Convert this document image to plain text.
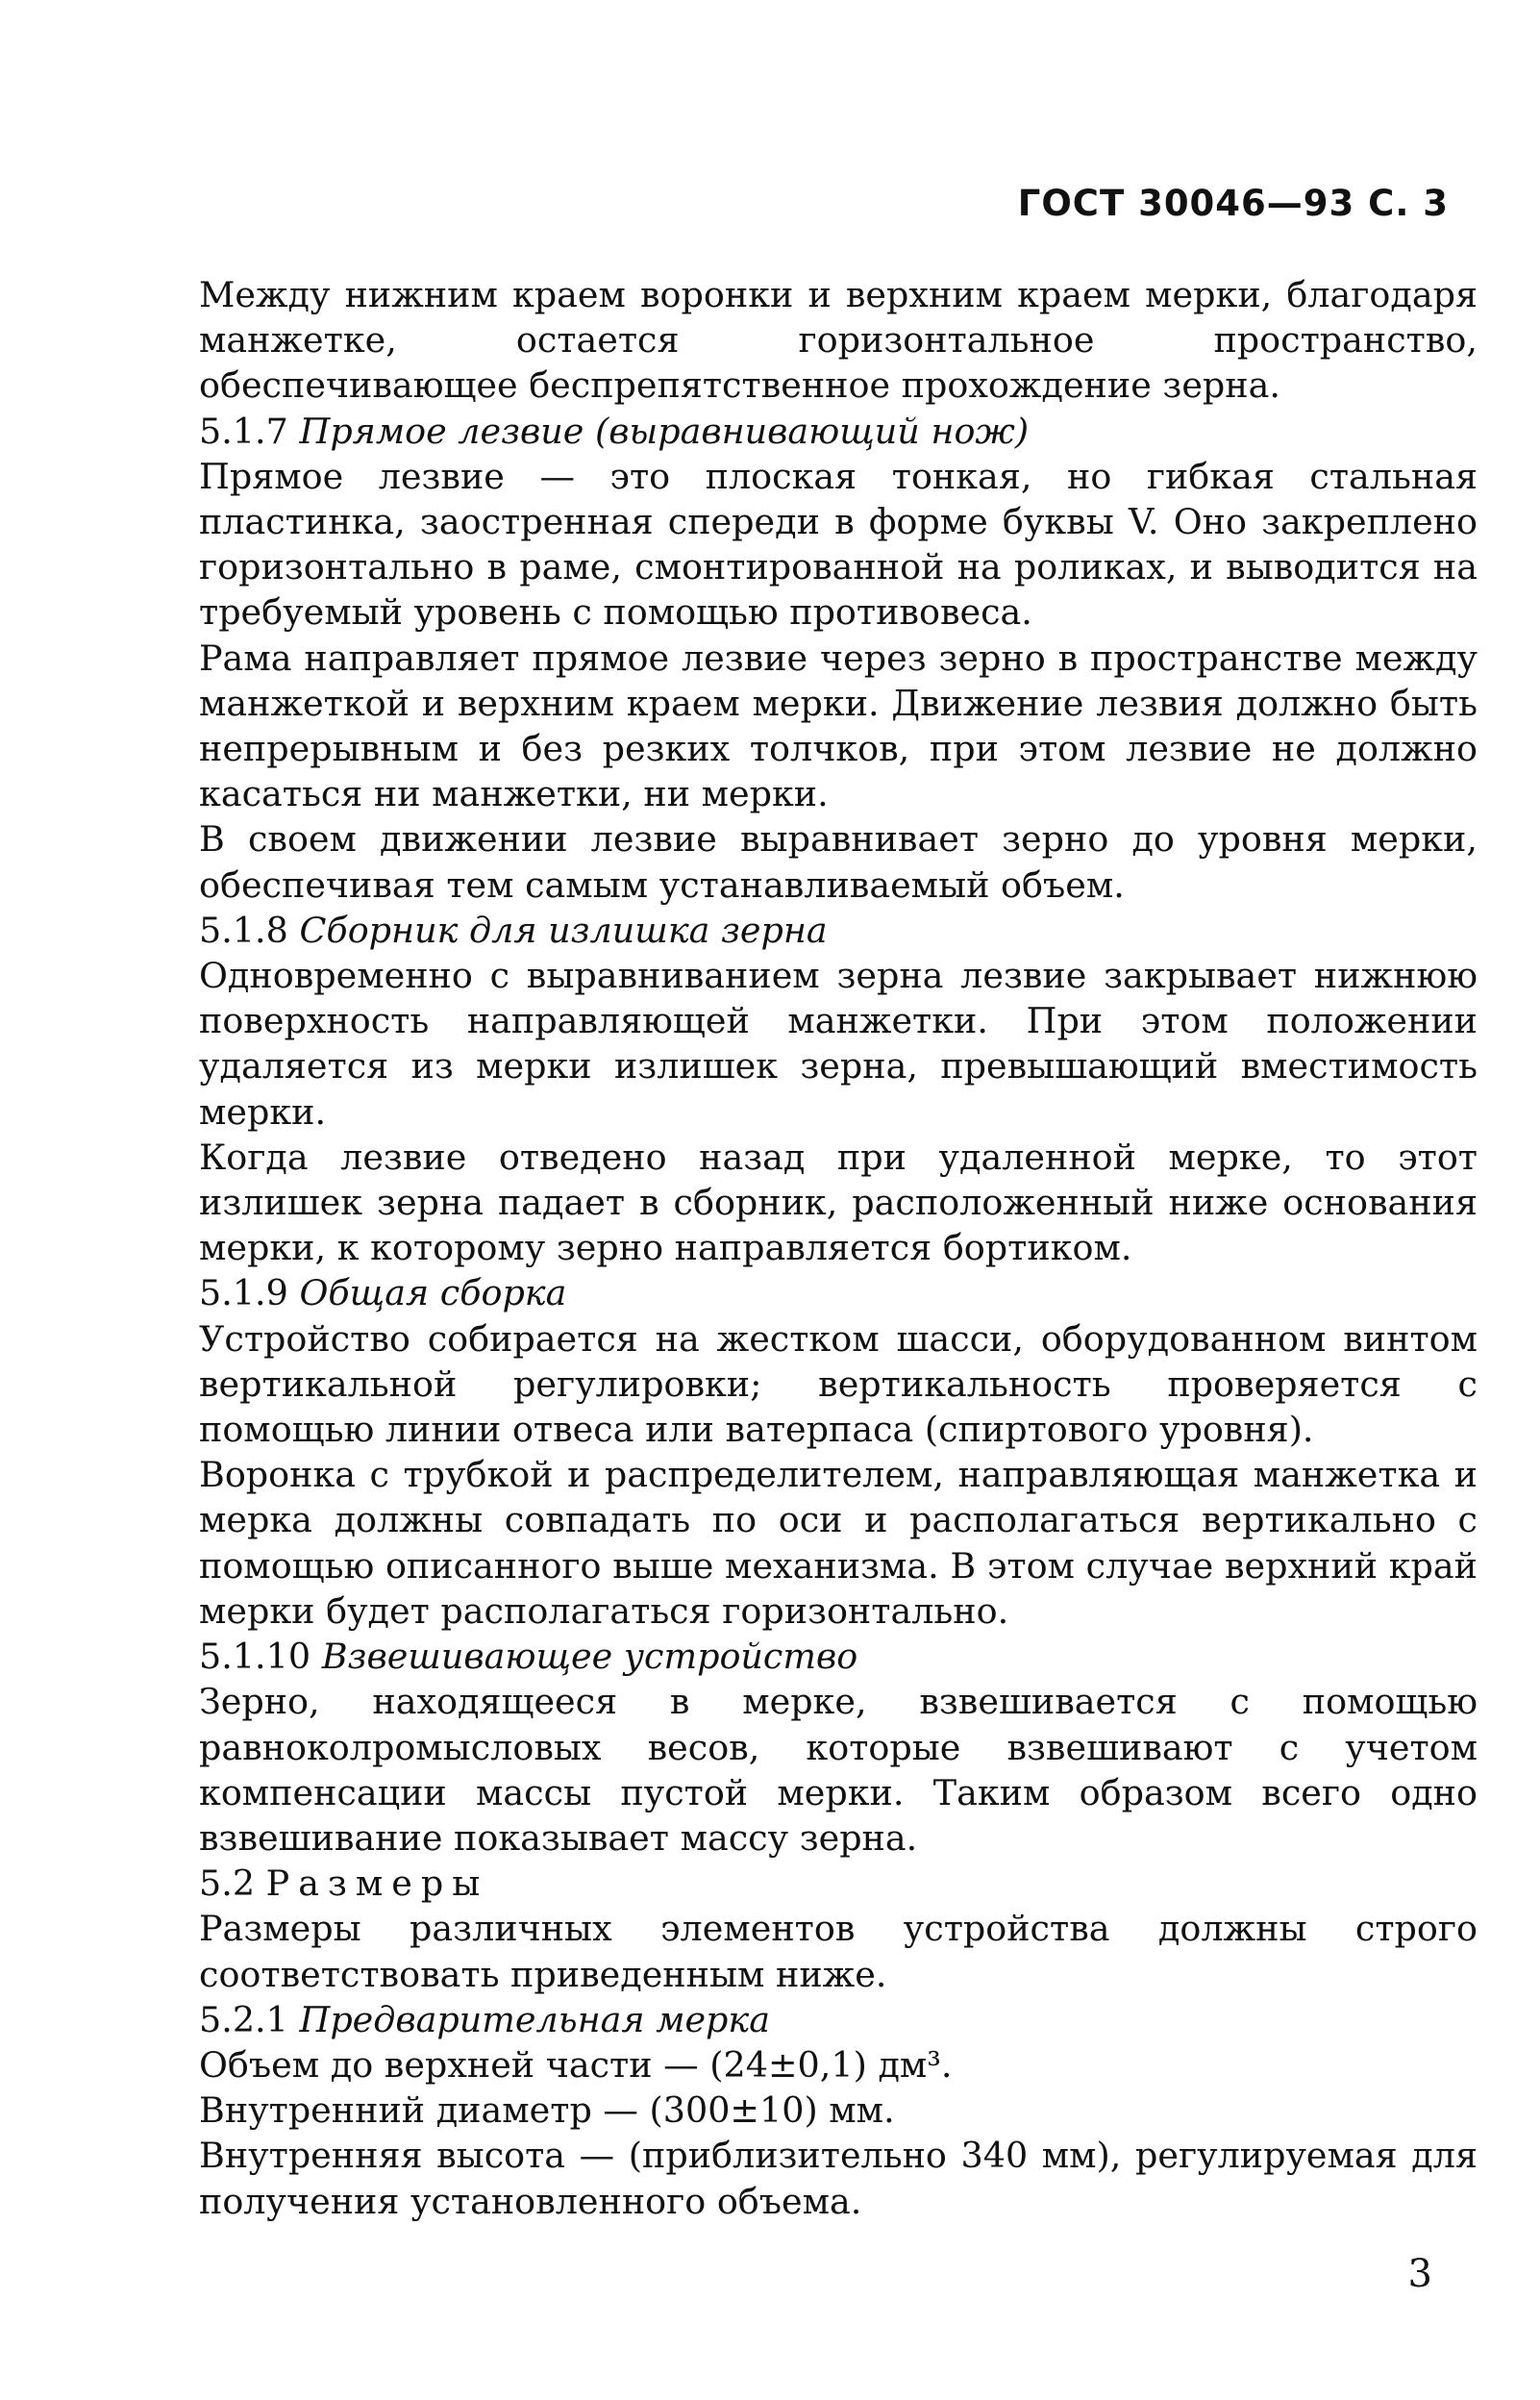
ГОСТ 30046—93 С. 3

Между нижним краем воронки и верхним краем мерки, благодаря манжетке, остается горизонтальное пространство, обеспечивающее беспрепятственное прохождение зерна.

5.1.7 Прямое лезвие (выравнивающий нож)

Прямое лезвие — это плоская тонкая, но гибкая стальная пластинка, заостренная спереди в форме буквы V. Оно закреплено горизонтально в раме, смонтированной на роликах, и выводится на требуемый уровень с помощью противовеса.

Рама направляет прямое лезвие через зерно в пространстве между манжеткой и верхним краем мерки. Движение лезвия должно быть непрерывным и без резких толчков, при этом лезвие не должно касаться ни манжетки, ни мерки.

В своем движении лезвие выравнивает зерно до уровня мерки, обеспечивая тем самым устанавливаемый объем.

5.1.8 Сборник для излишка зерна

Одновременно с выравниванием зерна лезвие закрывает нижнюю поверхность направляющей манжетки. При этом положении удаляется из мерки излишек зерна, превышающий вместимость мерки.

Когда лезвие отведено назад при удаленной мерке, то этот излишек зерна падает в сборник, расположенный ниже основания мерки, к которому зерно направляется бортиком.

5.1.9 Общая сборка

Устройство собирается на жестком шасси, оборудованном винтом вертикальной регулировки; вертикальность проверяется с помощью линии отвеса или ватерпаса (спиртового уровня).

Воронка с трубкой и распределителем, направляющая манжетка и мерка должны совпадать по оси и располагаться вертикально с помощью описанного выше механизма. В этом случае верхний край мерки будет располагаться горизонтально.

5.1.10 Взвешивающее устройство

Зерно, находящееся в мерке, взвешивается с помощью равноколромысловых весов, которые взвешивают с учетом компенсации массы пустой мерки. Таким образом всего одно взвешивание показывает массу зерна.

5.2 Размеры

Размеры различных элементов устройства должны строго соответствовать приведенным ниже.

5.2.1 Предварительная мерка

Объем до верхней части — (24±0,1) дм³.

Внутренний диаметр — (300±10) мм.

Внутренняя высота — (приблизительно 340 мм), регулируемая для получения установленного объема.

3
